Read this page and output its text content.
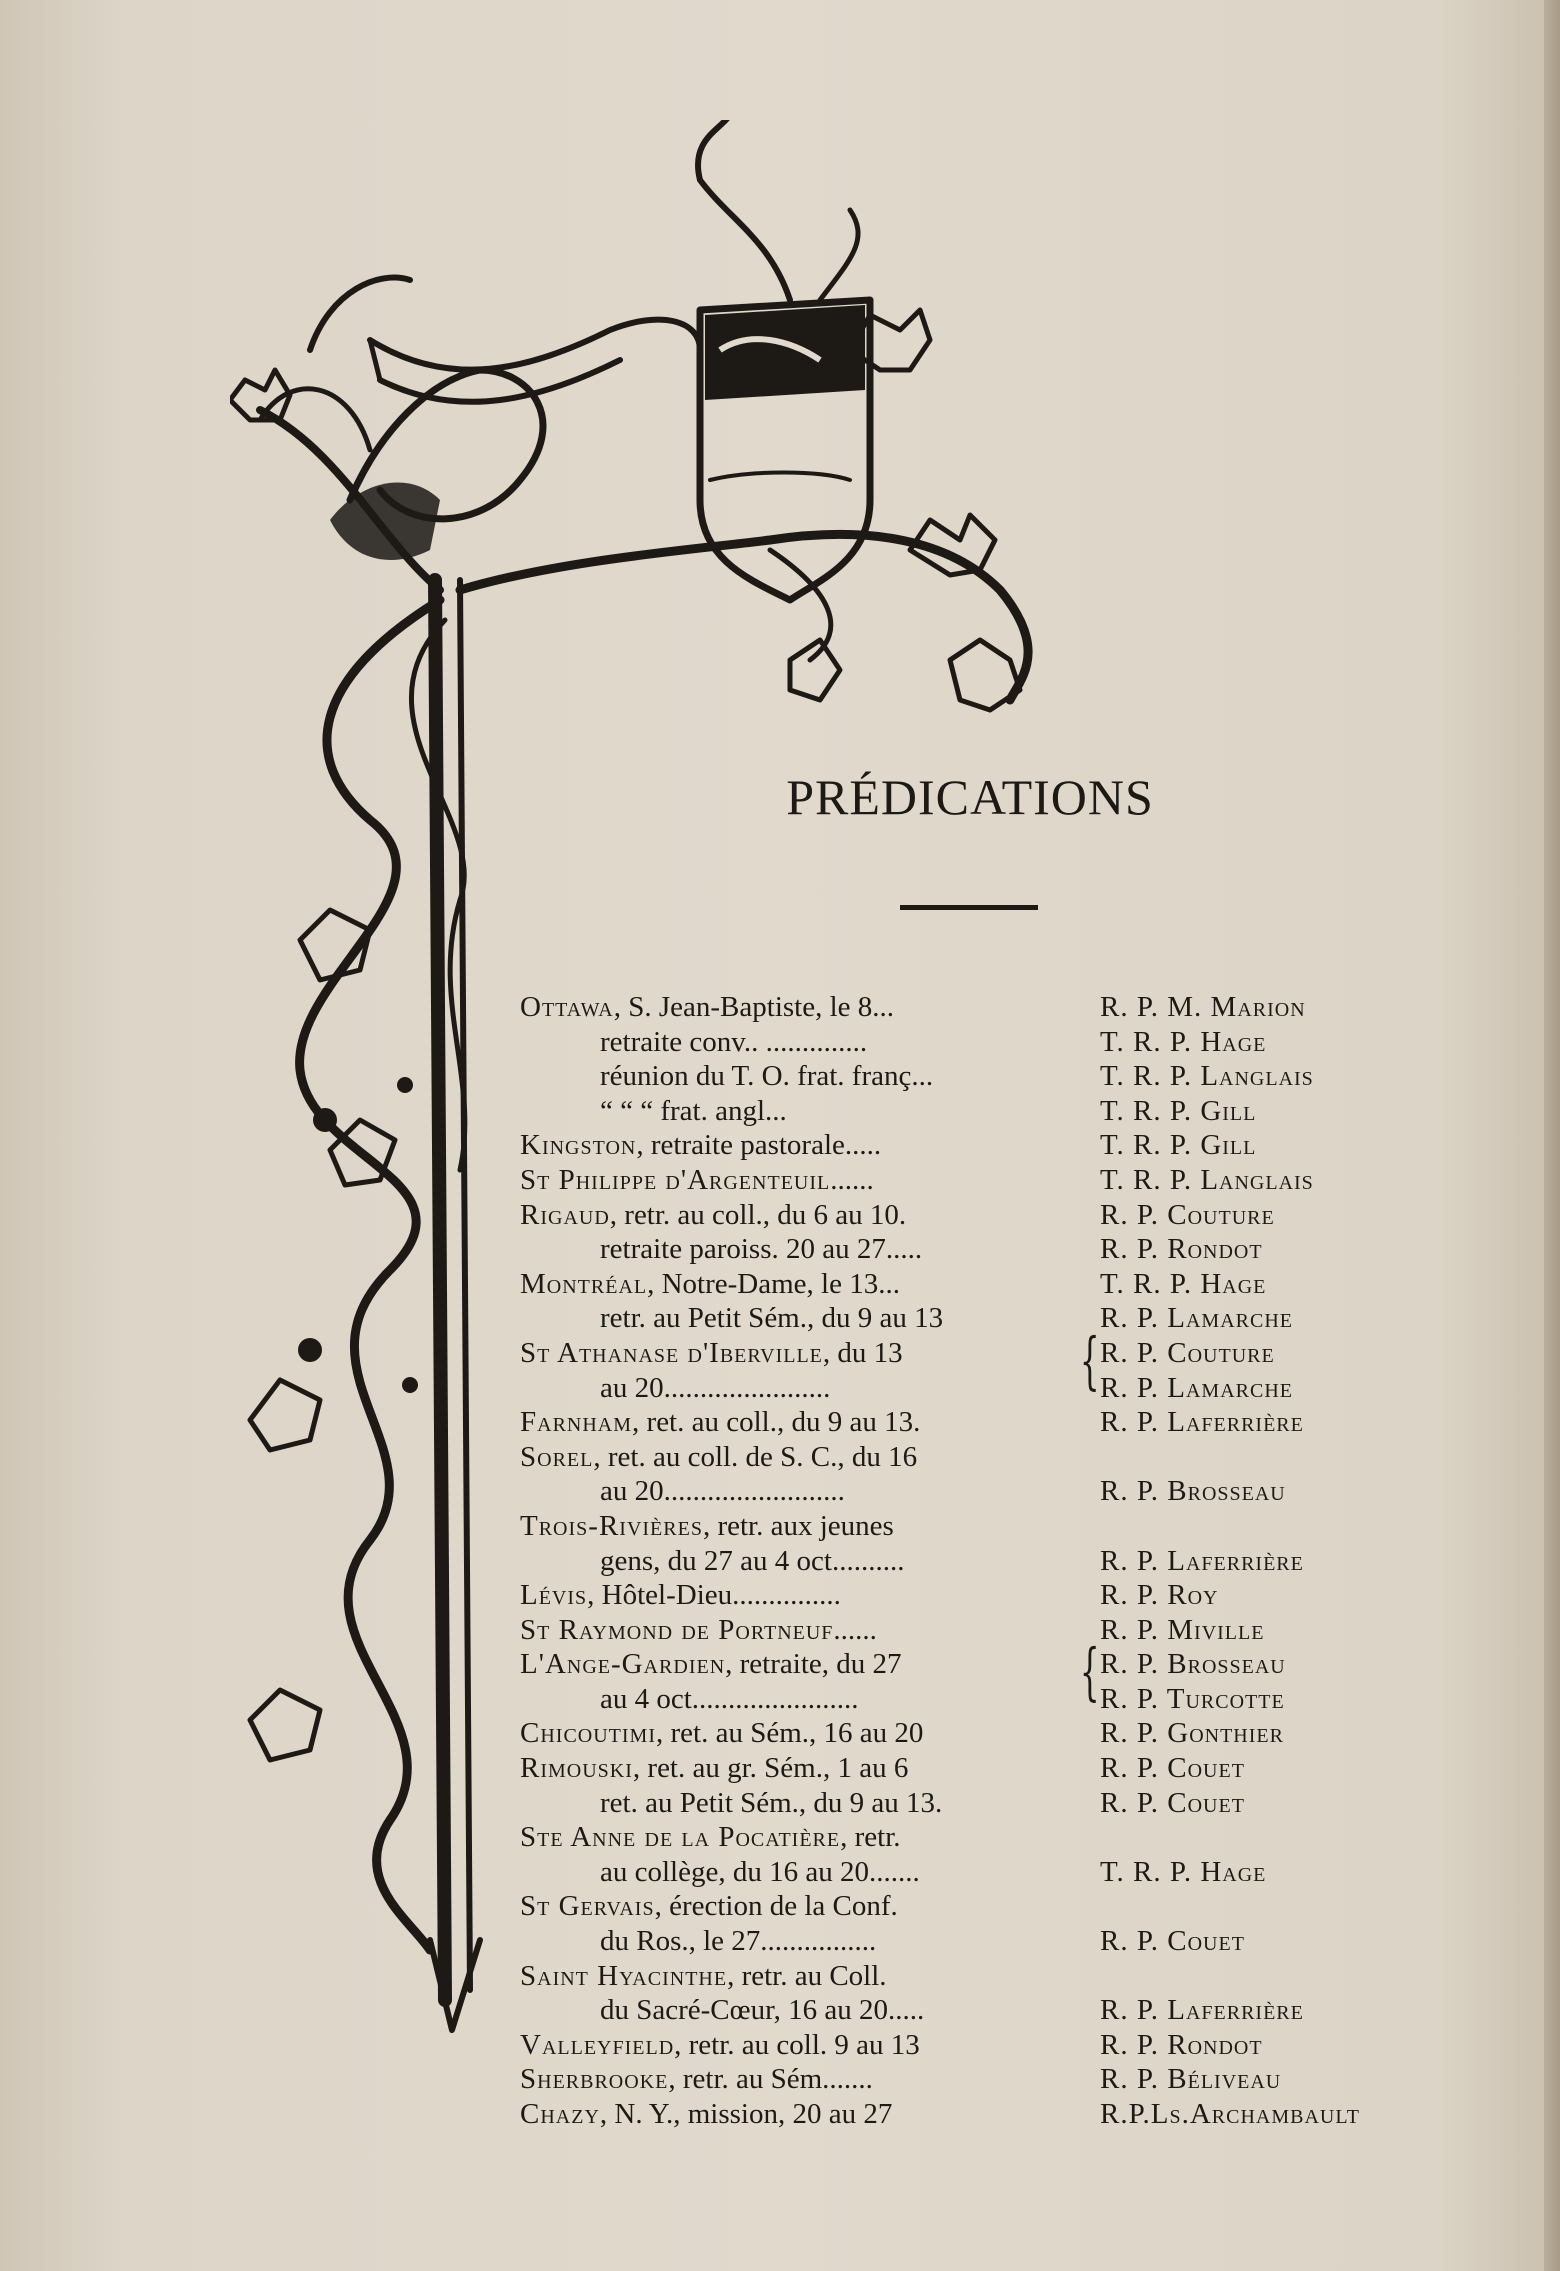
PRÉDICATIONS
Ottawa, S. Jean-Baptiste, le 8...	R. P. M. Marion
retraite conv.. ..............	T. R. P. Hage
réunion du T. O. frat. franç...	T. R. P. Langlais
“ “ “ frat. angl...	T. R. P. Gill
Kingston, retraite pastorale.....	T. R. P. Gill
St Philippe d'Argenteuil......	T. R. P. Langlais
Rigaud, retr. au coll., du 6 au 10.	R. P. Couture
retraite paroiss. 20 au 27.....	R. P. Rondot
Montréal, Notre-Dame, le 13...	T. R. P. Hage
retr. au Petit Sém., du 9 au 13	R. P. Lamarche
St Athanase d'Iberville, du 13	{ R. P. Couture
au 20.......................	R. P. Lamarche
Farnham, ret. au coll., du 9 au 13.	R. P. Laferrière
Sorel, ret. au coll. de S. C., du 16
au 20.........................	R. P. Brosseau
Trois-Rivières, retr. aux jeunes
gens, du 27 au 4 oct..........	R. P. Laferrière
Lévis, Hôtel-Dieu...............	R. P. Roy
St Raymond de Portneuf......	R. P. Miville
L'Ange-Gardien, retraite, du 27	{ R. P. Brosseau
au 4 oct.......................	R. P. Turcotte
Chicoutimi, ret. au Sém., 16 au 20	R. P. Gonthier
Rimouski, ret. au gr. Sém., 1 au 6	R. P. Couet
ret. au Petit Sém., du 9 au 13.	R. P. Couet
Ste Anne de la Pocatière, retr.
au collège, du 16 au 20.......	T. R. P. Hage
St Gervais, érection de la Conf.
du Ros., le 27................	R. P. Couet
Saint Hyacinthe, retr. au Coll.
du Sacré-Cœur, 16 au 20.....	R. P. Laferrière
Valleyfield, retr. au coll. 9 au 13	R. P. Rondot
Sherbrooke, retr. au Sém.......	R. P. Béliveau
Chazy, N. Y., mission, 20 au 27	R.P.Ls.Archambault
